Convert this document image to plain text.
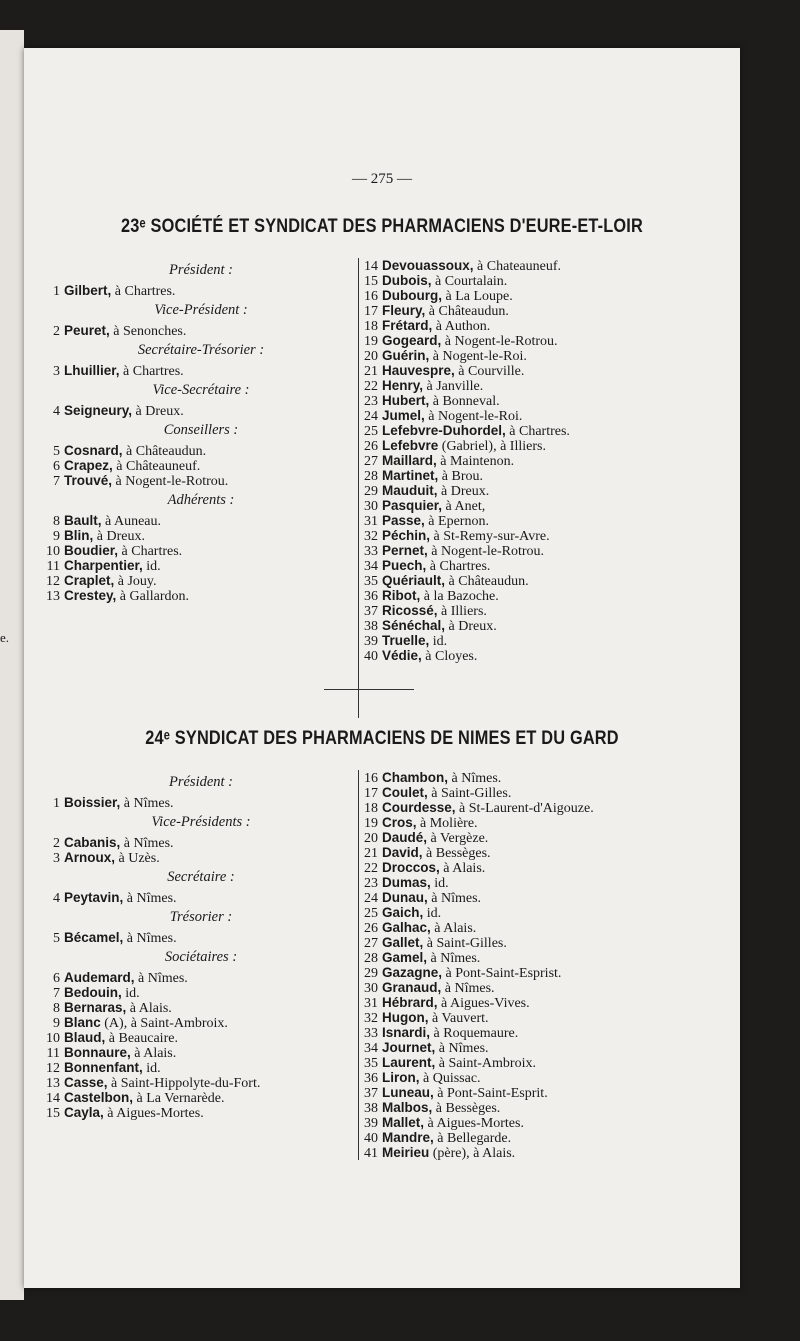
e.
— 275 —
23ᵉ SOCIÉTÉ ET SYNDICAT DES PHARMACIENS D'EURE-ET-LOIR
Président :
1 Gilbert, à Chartres.
Vice-Président :
2 Peuret, à Senonches.
Secrétaire-Trésorier :
3 Lhuillier, à Chartres.
Vice-Secrétaire :
4 Seigneury, à Dreux.
Conseillers :
5 Cosnard, à Châteaudun.
6 Crapez, à Châteauneuf.
7 Trouvé, à Nogent-le-Rotrou.
Adhérents :
8 Bault, à Auneau.
9 Blin, à Dreux.
10 Boudier, à Chartres.
11 Charpentier, id.
12 Craplet, à Jouy.
13 Crestey, à Gallardon.
14 Devouassoux, à Chateauneuf.
15 Dubois, à Courtalain.
16 Dubourg, à La Loupe.
17 Fleury, à Châteaudun.
18 Frétard, à Authon.
19 Gogeard, à Nogent-le-Rotrou.
20 Guérin, à Nogent-le-Roi.
21 Hauvespre, à Courville.
22 Henry, à Janville.
23 Hubert, à Bonneval.
24 Jumel, à Nogent-le-Roi.
25 Lefebvre-Duhordel, à Chartres.
26 Lefebvre (Gabriel), à Illiers.
27 Maillard, à Maintenon.
28 Martinet, à Brou.
29 Mauduit, à Dreux.
30 Pasquier, à Anet,
31 Passe, à Epernon.
32 Péchin, à St-Remy-sur-Avre.
33 Pernet, à Nogent-le-Rotrou.
34 Puech, à Chartres.
35 Quériault, à Châteaudun.
36 Ribot, à la Bazoche.
37 Ricossé, à Illiers.
38 Sénéchal, à Dreux.
39 Truelle, id.
40 Védie, à Cloyes.
24ᵉ SYNDICAT DES PHARMACIENS DE NIMES ET DU GARD
Président :
1 Boissier, à Nîmes.
Vice-Présidents :
2 Cabanis, à Nîmes.
3 Arnoux, à Uzès.
Secrétaire :
4 Peytavin, à Nîmes.
Trésorier :
5 Bécamel, à Nîmes.
Sociétaires :
6 Audemard, à Nîmes.
7 Bedouin, id.
8 Bernaras, à Alais.
9 Blanc (A), à Saint-Ambroix.
10 Blaud, à Beaucaire.
11 Bonnaure, à Alais.
12 Bonnenfant, id.
13 Casse, à Saint-Hippolyte-du-Fort.
14 Castelbon, à La Vernarède.
15 Cayla, à Aigues-Mortes.
16 Chambon, à Nîmes.
17 Coulet, à Saint-Gilles.
18 Courdesse, à St-Laurent-d'Aigouze.
19 Cros, à Molière.
20 Daudé, à Vergèze.
21 David, à Bessèges.
22 Droccos, à Alais.
23 Dumas, id.
24 Dunau, à Nîmes.
25 Gaich, id.
26 Galhac, à Alais.
27 Gallet, à Saint-Gilles.
28 Gamel, à Nîmes.
29 Gazagne, à Pont-Saint-Esprist.
30 Granaud, à Nîmes.
31 Hébrard, à Aigues-Vives.
32 Hugon, à Vauvert.
33 Isnardi, à Roquemaure.
34 Journet, à Nîmes.
35 Laurent, à Saint-Ambroix.
36 Liron, à Quissac.
37 Luneau, à Pont-Saint-Esprit.
38 Malbos, à Bessèges.
39 Mallet, à Aigues-Mortes.
40 Mandre, à Bellegarde.
41 Meirieu (père), à Alais.
